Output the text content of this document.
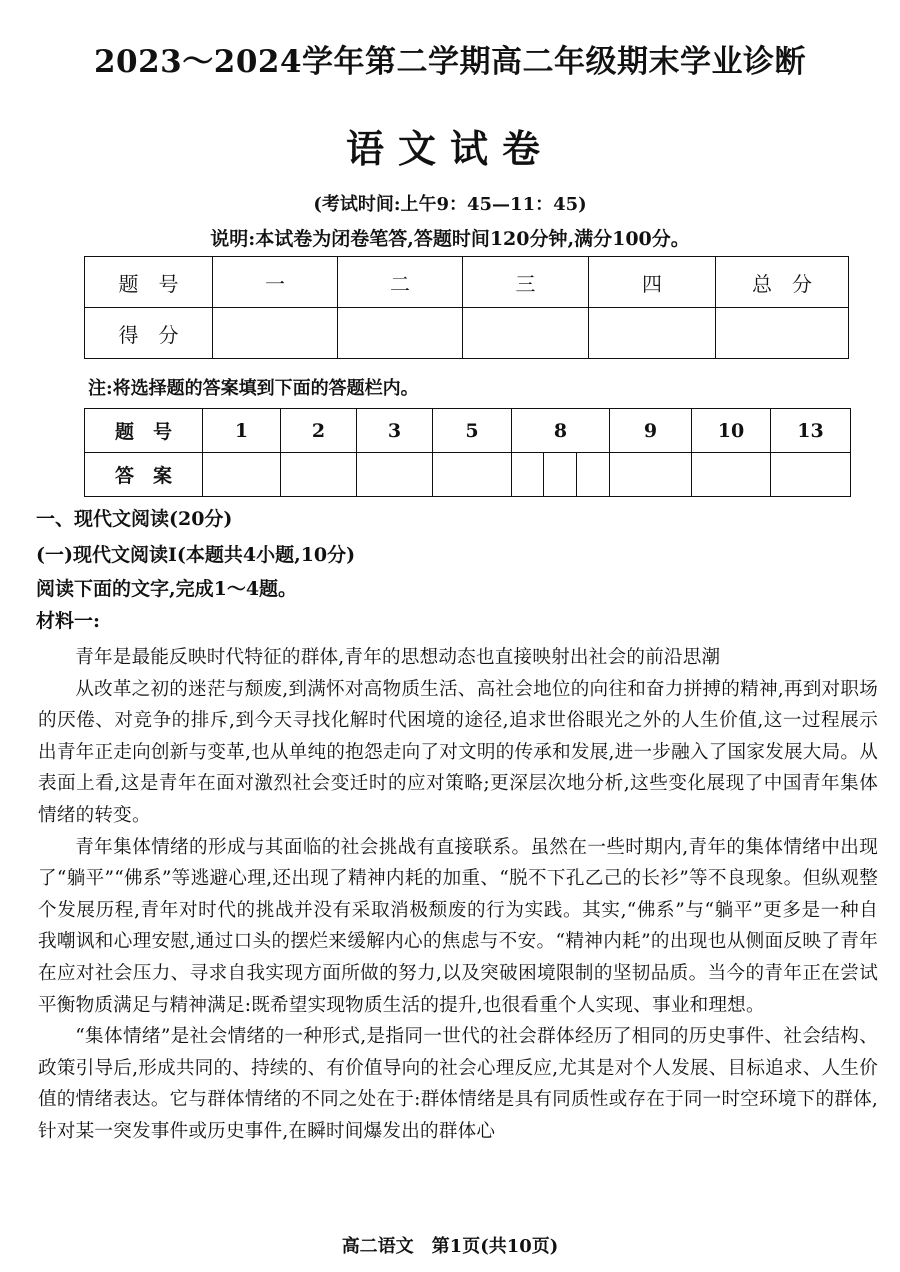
2023～2024学年第二学期高二年级期末学业诊断
语文试卷
(考试时间:上午9：45—11：45)
说明:本试卷为闭卷笔答,答题时间120分钟,满分100分。
题　号	一	二	三	四	总　分
得　分					
注:将选择题的答案填到下面的答题栏内。
题　号	1	2	3	5	8			9	10	13
答　案										
一、现代文阅读(20分)
(一)现代文阅读Ⅰ(本题共4小题,10分)
阅读下面的文字,完成1～4题。
材料一:

青年是最能反映时代特征的群体,青年的思想动态也直接映射出社会的前沿思潮

从改革之初的迷茫与颓废,到满怀对高物质生活、高社会地位的向往和奋力拼搏的精神,再到对职场的厌倦、对竞争的排斥,到今天寻找化解时代困境的途径,追求世俗眼光之外的人生价值,这一过程展示出青年正走向创新与变革,也从单纯的抱怨走向了对文明的传承和发展,进一步融入了国家发展大局。从表面上看,这是青年在面对激烈社会变迁时的应对策略;更深层次地分析,这些变化展现了中国青年集体情绪的转变。

青年集体情绪的形成与其面临的社会挑战有直接联系。虽然在一些时期内,青年的集体情绪中出现了“躺平”“佛系”等逃避心理,还出现了精神内耗的加重、“脱不下孔乙己的长衫”等不良现象。但纵观整个发展历程,青年对时代的挑战并没有采取消极颓废的行为实践。其实,“佛系”与“躺平”更多是一种自我嘲讽和心理安慰,通过口头的摆烂来缓解内心的焦虑与不安。“精神内耗”的出现也从侧面反映了青年在应对社会压力、寻求自我实现方面所做的努力,以及突破困境限制的坚韧品质。当今的青年正在尝试平衡物质满足与精神满足:既希望实现物质生活的提升,也很看重个人实现、事业和理想。

“集体情绪”是社会情绪的一种形式,是指同一世代的社会群体经历了相同的历史事件、社会结构、政策引导后,形成共同的、持续的、有价值导向的社会心理反应,尤其是对个人发展、目标追求、人生价值的情绪表达。它与群体情绪的不同之处在于:群体情绪是具有同质性或存在于同一时空环境下的群体,针对某一突发事件或历史事件,在瞬时间爆发出的群体心

高二语文　第1页(共10页)
